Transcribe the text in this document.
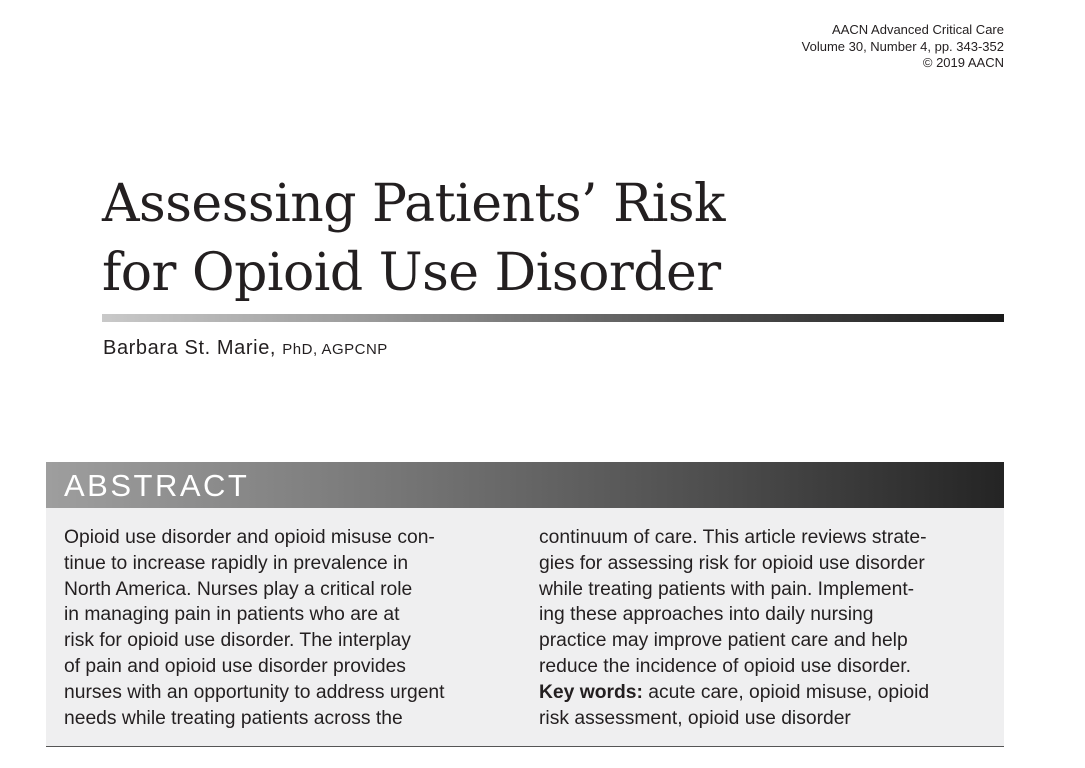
AACN Advanced Critical Care
Volume 30, Number 4, pp. 343-352
© 2019 AACN
Assessing Patients’ Risk
for Opioid Use Disorder
Barbara St. Marie, PhD, AGPCNP
ABSTRACT
Opioid use disorder and opioid misuse con-
tinue to increase rapidly in prevalence in
North America. Nurses play a critical role
in managing pain in patients who are at
risk for opioid use disorder. The interplay
of pain and opioid use disorder provides
nurses with an opportunity to address urgent
needs while treating patients across the
continuum of care. This article reviews strate-
gies for assessing risk for opioid use disorder
while treating patients with pain. Implement-
ing these approaches into daily nursing
practice may improve patient care and help
reduce the incidence of opioid use disorder.
Key words: acute care, opioid misuse, opioid
risk assessment, opioid use disorder
